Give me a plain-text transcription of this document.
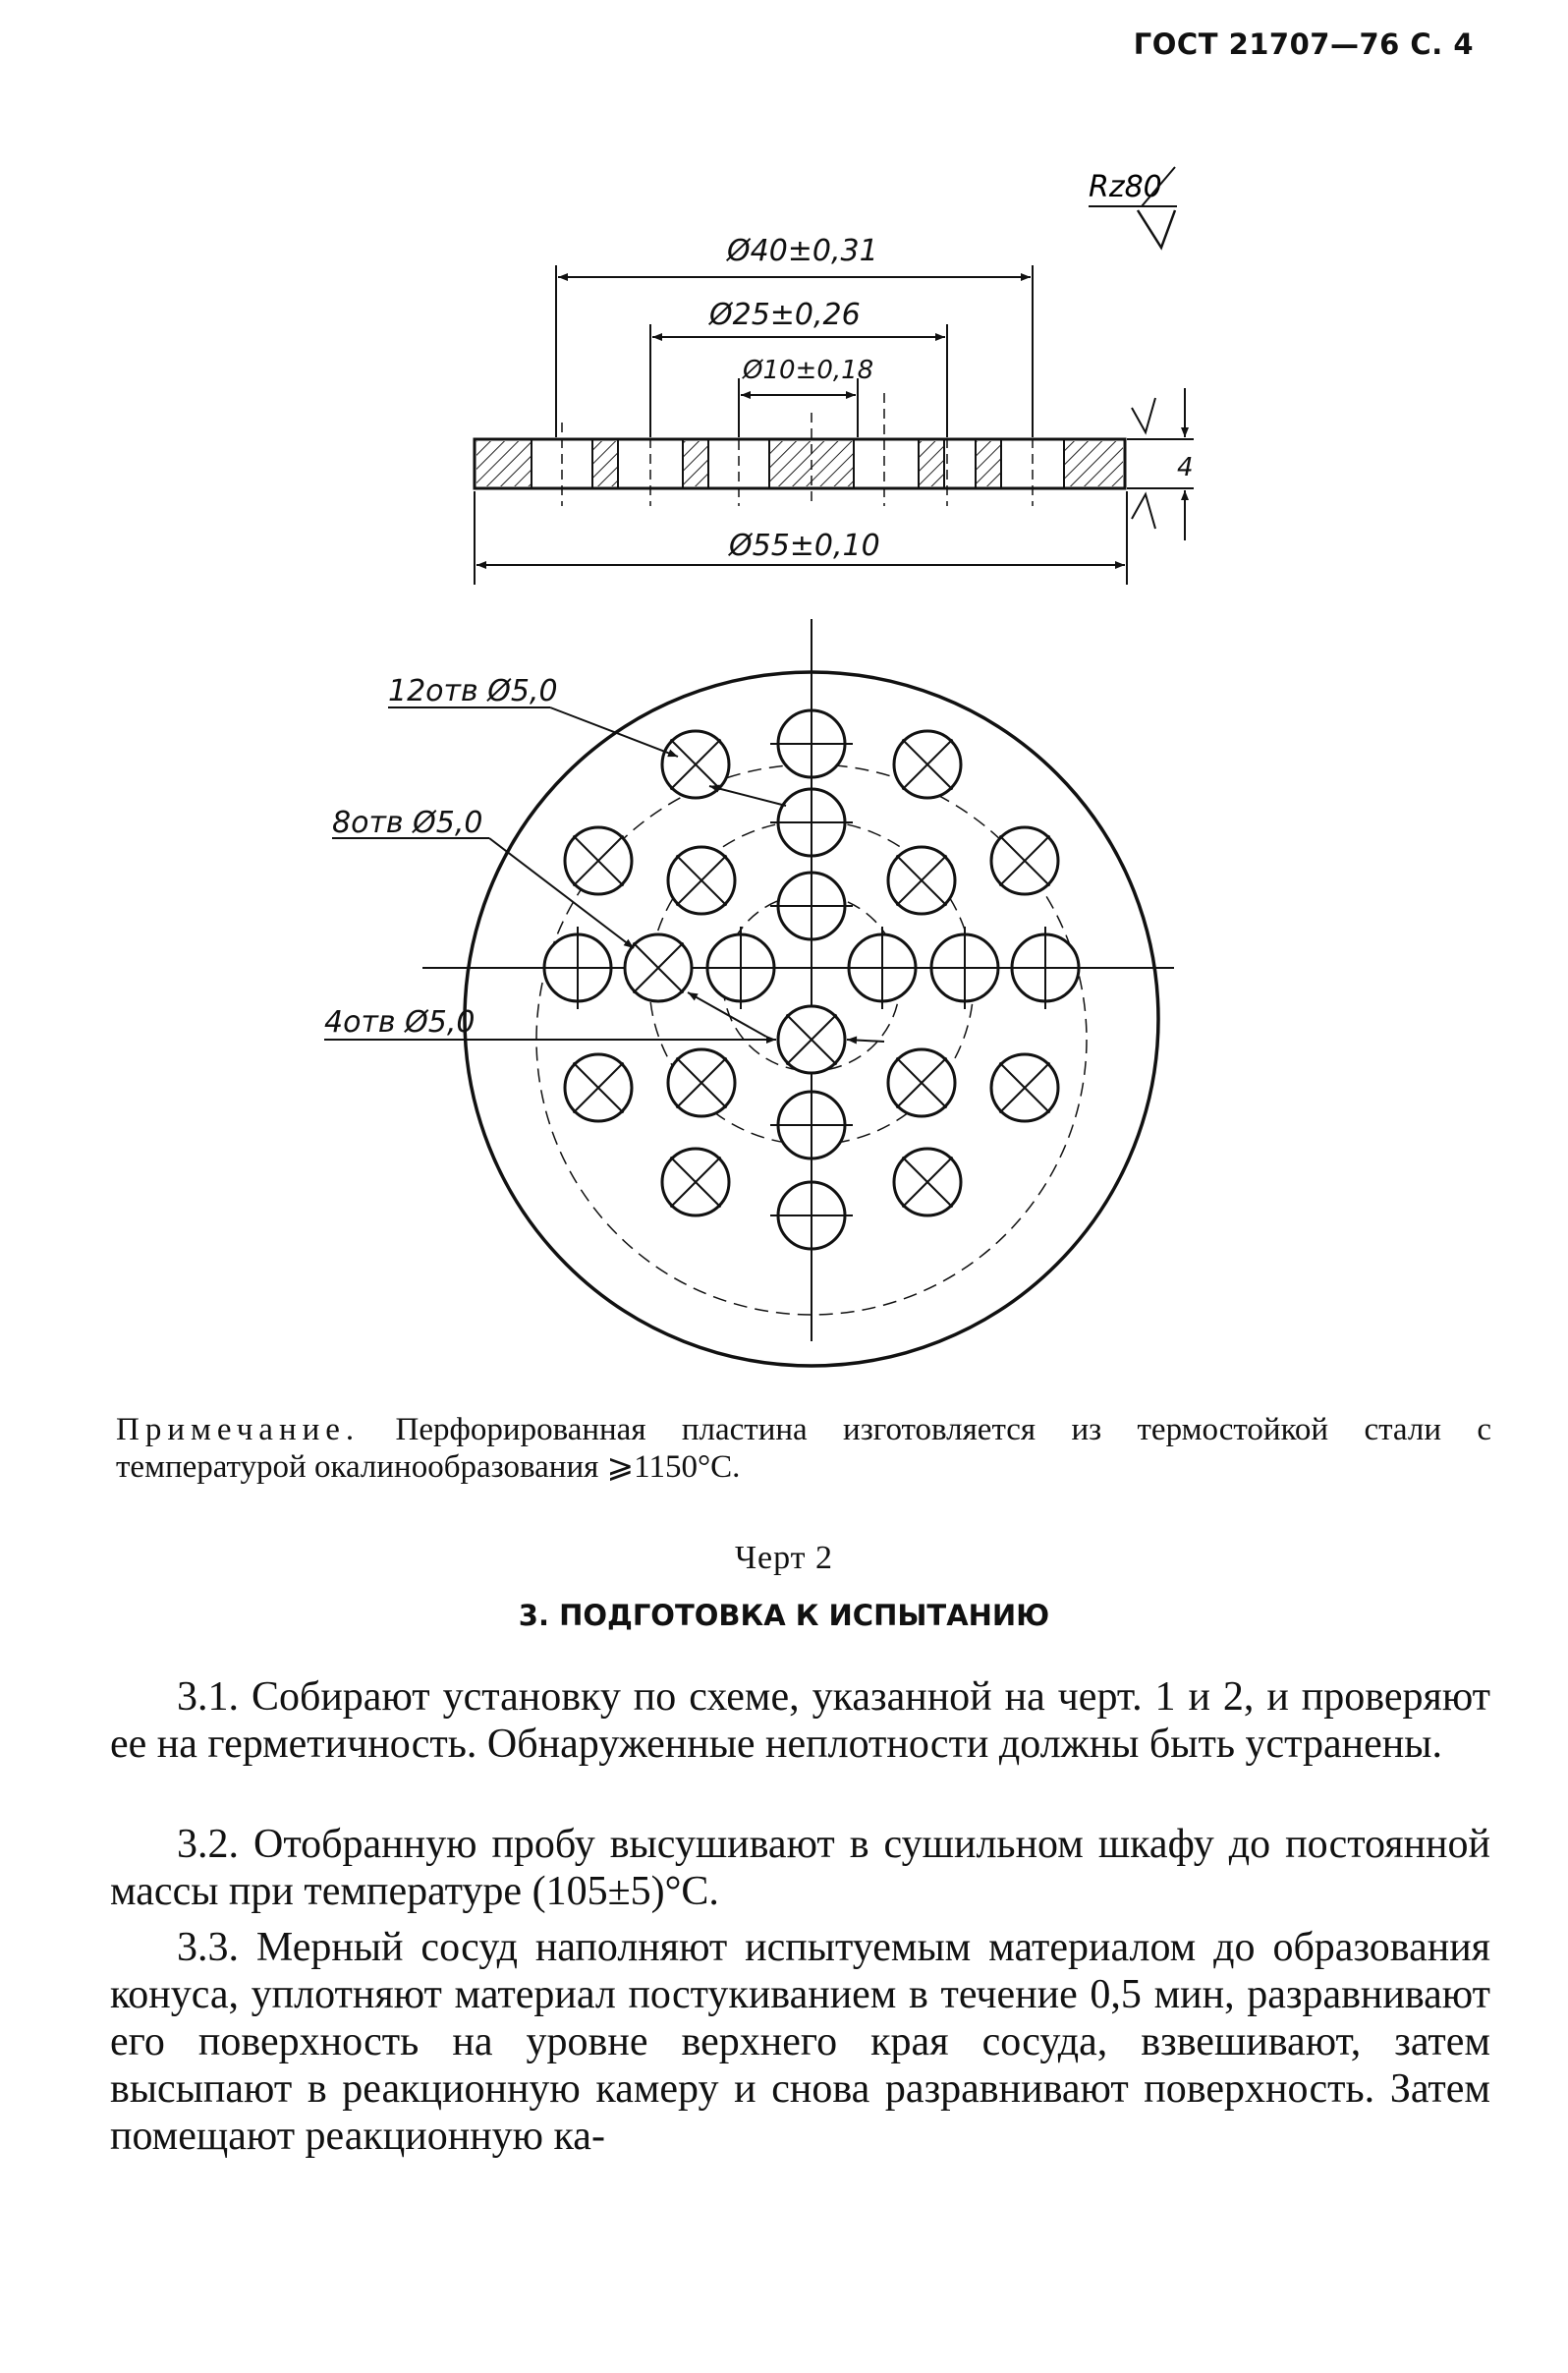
ГОСТ 21707—76 С. 4
Rz80
Ø40±0,31
Ø25±0,26
Ø10±0,18
Ø55±0,10
4
12отв Ø5,0
8отв Ø5,0
4отв Ø5,0
Примечание. Перфорированная пластина изготовляется из термостойкой стали с температурой окалинообразования ⩾1150°С.
Черт 2
3. ПОДГОТОВКА К ИСПЫТАНИЮ

3.1. Собирают установку по схеме, указанной на черт. 1 и 2, и проверяют ее на герметичность. Обнаруженные неплотности должны быть устранены.

3.2. Отобранную пробу высушивают в сушильном шкафу до постоянной массы при температуре (105±5)°С.

3.3. Мерный сосуд наполняют испытуемым материалом до образования конуса, уплотняют материал постукиванием в течение 0,5 мин, разравнивают его поверхность на уровне верхнего края сосуда, взвешивают, затем высыпают в реакционную камеру и снова разравнивают поверхность. Затем помещают реакционную ка-
